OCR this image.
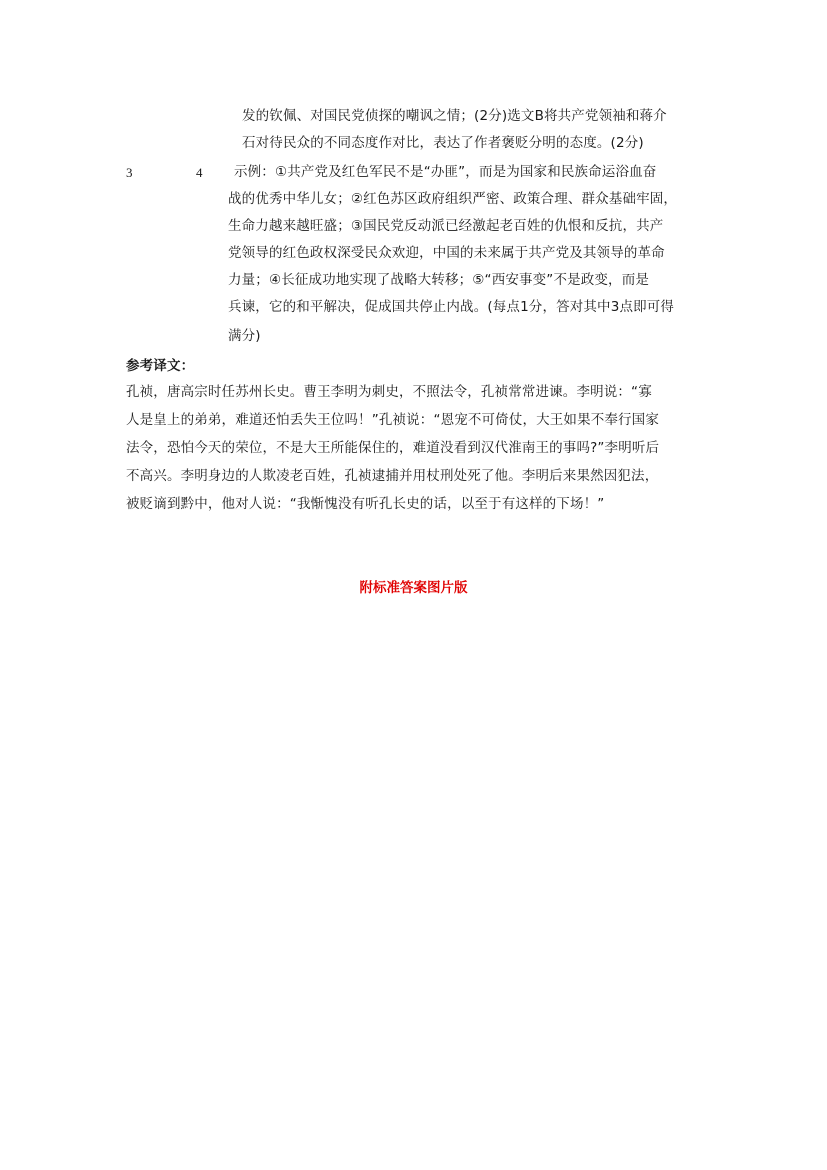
发的钦佩、对国民党侦探的嘲讽之情；(2分)选文B将共产党领袖和蒋介
石对待民众的不同态度作对比，表达了作者褒贬分明的态度。(2分)
3	4 示例：①共产党及红色军民不是“办匪”，而是为国家和民族命运浴血奋
战的优秀中华儿女；②红色苏区政府组织严密、政策合理、群众基础牢固，
生命力越来越旺盛；③国民党反动派已经激起老百姓的仇恨和反抗，共产
党领导的红色政权深受民众欢迎，中国的未来属于共产党及其领导的革命
力量；④长征成功地实现了战略大转移；⑤“西安事变”不是政变，而是
兵谏，它的和平解决，促成国共停止内战。(每点1分，答对其中3点即可得
满分)
参考译文：
孔祯，唐高宗时任苏州长史。曹王李明为刺史，不照法令，孔祯常常进谏。李明说：“寡
人是皇上的弟弟，难道还怕丢失王位吗！”孔祯说：“恩宠不可倚仗，大王如果不奉行国家
法令，恐怕今天的荣位，不是大王所能保住的，难道没看到汉代淮南王的事吗?”李明听后
不高兴。李明身边的人欺凌老百姓，孔祯逮捕并用杖刑处死了他。李明后来果然因犯法，
被贬谪到黔中，他对人说：“我惭愧没有听孔长史的话，以至于有这样的下场！”
附标准答案图片版
